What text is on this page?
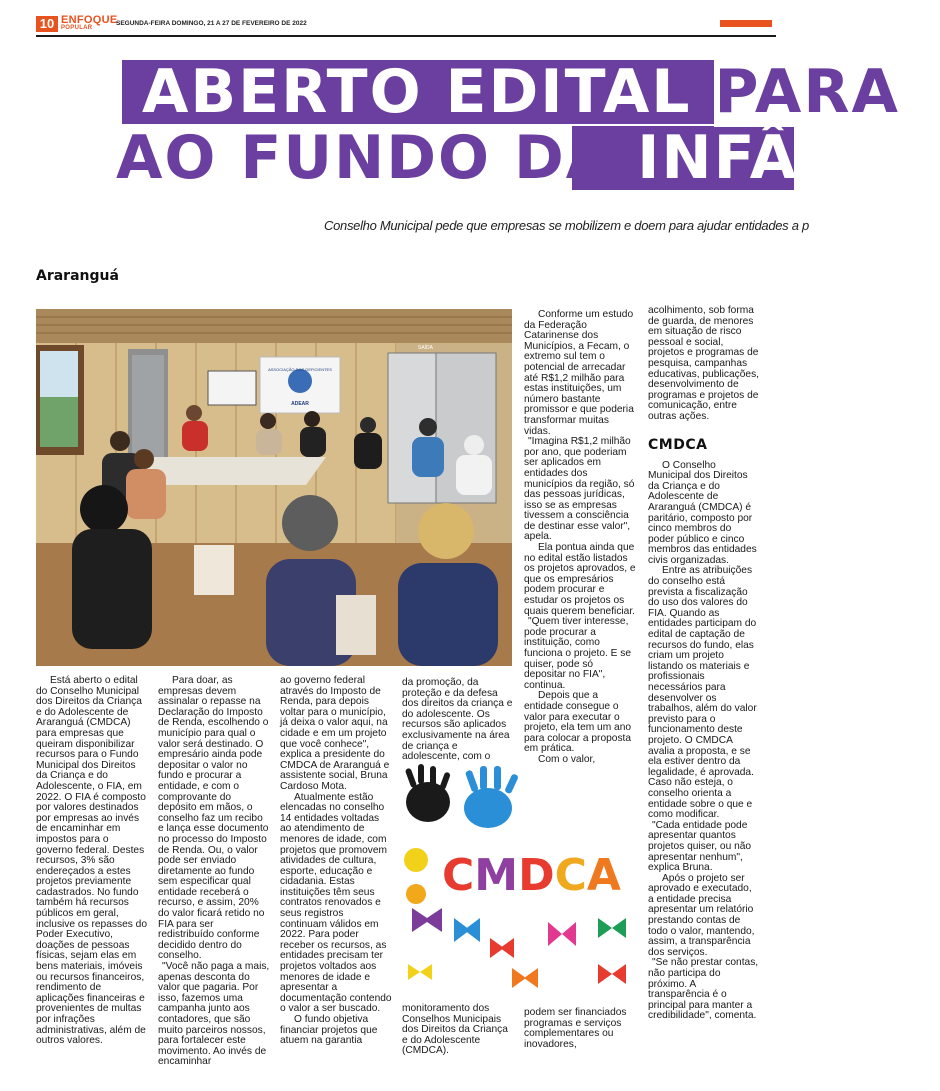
10 ENFOQUE
POPULAR
SEGUNDA-FEIRA DOMINGO, 21 A 27 DE FEVEREIRO DE 2022
ABERTO EDITAL PARA
AO FUNDO DA INFÂNC
Conselho Municipal pede que empresas se mobilizem e doem para ajudar entidades a p
Araranguá
ASSOCIAÇÃO DOS DEFICIENTES
ADEAR
SAÍDA

Está aberto o edital do Conselho Municipal dos Direitos da Criança e do Adolescente de Araranguá (CMDCA) para empresas que queiram disponibilizar recursos para o Fundo Municipal dos Direitos da Criança e do Adolescente, o FIA, em 2022. O FIA é composto por valores destinados por empresas ao invés de encaminhar em impostos para o governo federal. Destes recursos, 3% são endereçados a estes projetos previamente cadastrados. No fundo também há recursos públicos em geral, inclusive os repasses do Poder Executivo, doações de pessoas físicas, sejam elas em bens materiais, imóveis ou recursos financeiros, rendimento de aplicações financeiras e provenientes de multas por infrações administrativas, além de outros valores.

Para doar, as empresas devem assinalar o repasse na Declaração do Imposto de Renda, escolhendo o município para qual o valor será destinado. O empresário ainda pode depositar o valor no fundo e procurar a entidade, e com o comprovante do depósito em mãos, o conselho faz um recibo e lança esse documento no processo do Imposto de Renda. Ou, o valor pode ser enviado diretamente ao fundo sem especificar qual entidade receberá o recurso, e assim, 20% do valor ficará retido no FIA para ser redistribuído conforme decidido dentro do conselho.

"Você não paga a mais, apenas desconta do valor que pagaria. Por isso, fazemos uma campanha junto aos contadores, que são muito parceiros nossos, para fortalecer este movimento. Ao invés de encaminhar

ao governo federal através do Imposto de Renda, para depois voltar para o município, já deixa o valor aqui, na cidade e em um projeto que você conhece", explica a presidente do CMDCA de Araranguá e assistente social, Bruna Cardoso Mota.

Atualmente estão elencadas no conselho 14 entidades voltadas ao atendimento de menores de idade, com projetos que promovem atividades de cultura, esporte, educação e cidadania. Estas instituições têm seus contratos renovados e seus registros continuam válidos em 2022. Para poder receber os recursos, as entidades precisam ter projetos voltados aos menores de idade e apresentar a documentação contendo o valor a ser buscado.

O fundo objetiva financiar projetos que atuem na garantia

Conforme um estudo da Federação Catarinense dos Municípios, a Fecam, o extremo sul tem o potencial de arrecadar até R$1,2 milhão para estas instituições, um número bastante promissor e que poderia transformar muitas vidas.

"Imagina R$1,2 milhão por ano, que poderiam ser aplicados em entidades dos municípios da região, só das pessoas jurídicas, isso se as empresas tivessem a consciência de destinar esse valor", apela.

Ela pontua ainda que no edital estão listados os projetos aprovados, e que os empresários podem procurar e estudar os projetos os quais querem beneficiar.

"Quem tiver interesse, pode procurar a instituição, como funciona o projeto. E se quiser, pode só depositar no FIA", continua.

Depois que a entidade consegue o valor para executar o projeto, ela tem um ano para colocar a proposta em prática.

Com o valor,

da promoção, da proteção e da defesa dos direitos da criança e do adolescente. Os recursos são aplicados exclusivamente na área de criança e adolescente, com o

CMDCA

monitoramento dos Conselhos Municipais dos Direitos da Criança e do Adolescente (CMDCA).

podem ser financiados programas e serviços complementares ou inovadores,

acolhimento, sob forma de guarda, de menores em situação de risco pessoal e social, projetos e programas de pesquisa, campanhas educativas, publicações, desenvolvimento de programas e projetos de comunicação, entre outras ações.

CMDCA

O Conselho Municipal dos Direitos da Criança e do Adolescente de Araranguá (CMDCA) é paritário, composto por cinco membros do poder público e cinco membros das entidades civis organizadas.

Entre as atribuições do conselho está prevista a fiscalização do uso dos valores do FIA. Quando as entidades participam do edital de captação de recursos do fundo, elas criam um projeto listando os materiais e profissionais necessários para desenvolver os trabalhos, além do valor previsto para o funcionamento deste projeto. O CMDCA avalia a proposta, e se ela estiver dentro da legalidade, é aprovada. Caso não esteja, o conselho orienta a entidade sobre o que e como modificar.

"Cada entidade pode apresentar quantos projetos quiser, ou não apresentar nenhum", explica Bruna.

Após o projeto ser aprovado e executado, a entidade precisa apresentar um relatório prestando contas de todo o valor, mantendo, assim, a transparência dos serviços.

"Se não prestar contas, não participa do próximo. A transparência é o principal para manter a credibilidade", comenta.
